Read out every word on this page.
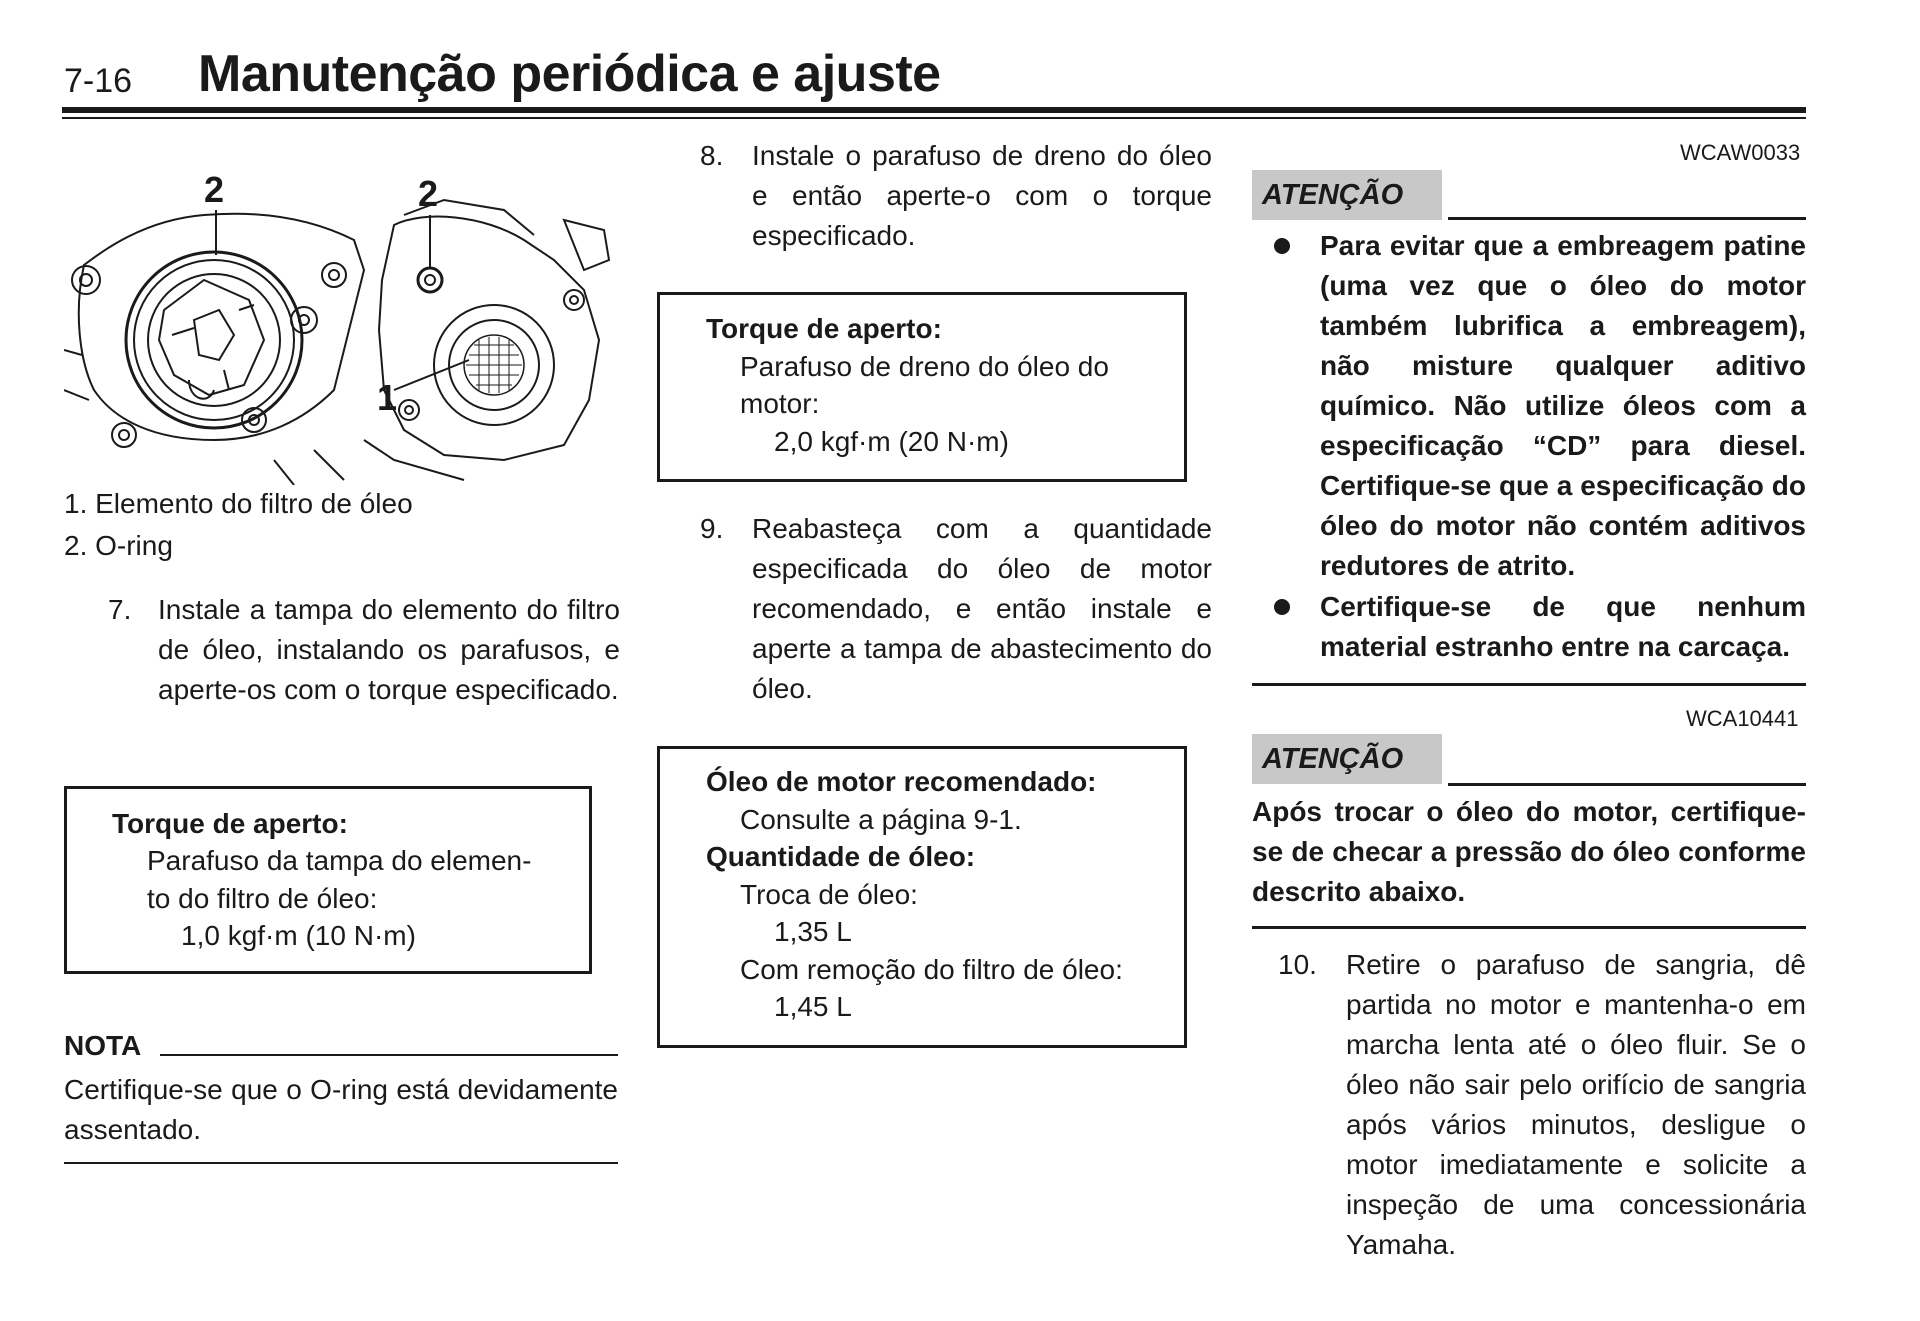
7-16 Manutenção periódica e ajuste
2	2
1
1. Elemento do filtro de óleo
2. O-ring
7. Instale a tampa do elemento do filtro de óleo, instalando os parafusos, e aperte-os com o torque especificado.
Torque de aperto:
Parafuso da tampa do elemen-
to do filtro de óleo:
1,0 kgf·m (10 N·m)
NOTA
Certifique-se que o O-ring está devidamente assentado.
8. Instale o parafuso de dreno do óleo e então aperte-o com o torque especificado.
Torque de aperto:
Parafuso de dreno do óleo do
motor:
2,0 kgf·m (20 N·m)
9. Reabasteça com a quantidade especificada do óleo de motor recomendado, e então instale e aperte a tampa de abastecimento do óleo.
Óleo de motor recomendado:
Consulte a página 9-1.
Quantidade de óleo:
Troca de óleo:
1,35 L
Com remoção do filtro de óleo:
1,45 L
WCAW0033
ATENÇÃO
Para evitar que a embreagem patine (uma vez que o óleo do motor também lubrifica a embreagem), não misture qualquer aditivo químico. Não utilize óleos com a especificação “CD” para diesel. Certifique-se que a especificação do óleo do motor não contém aditivos redutores de atrito.
Certifique-se de que nenhum material estranho entre na carcaça.
WCA10441
ATENÇÃO
Após trocar o óleo do motor, certifique-se de checar a pressão do óleo conforme descrito abaixo.
10. Retire o parafuso de sangria, dê partida no motor e mantenha-o em marcha lenta até o óleo fluir. Se o óleo não sair pelo orifício de sangria após vários minutos, desligue o motor imediatamente e solicite a inspeção de uma concessionária Yamaha.
